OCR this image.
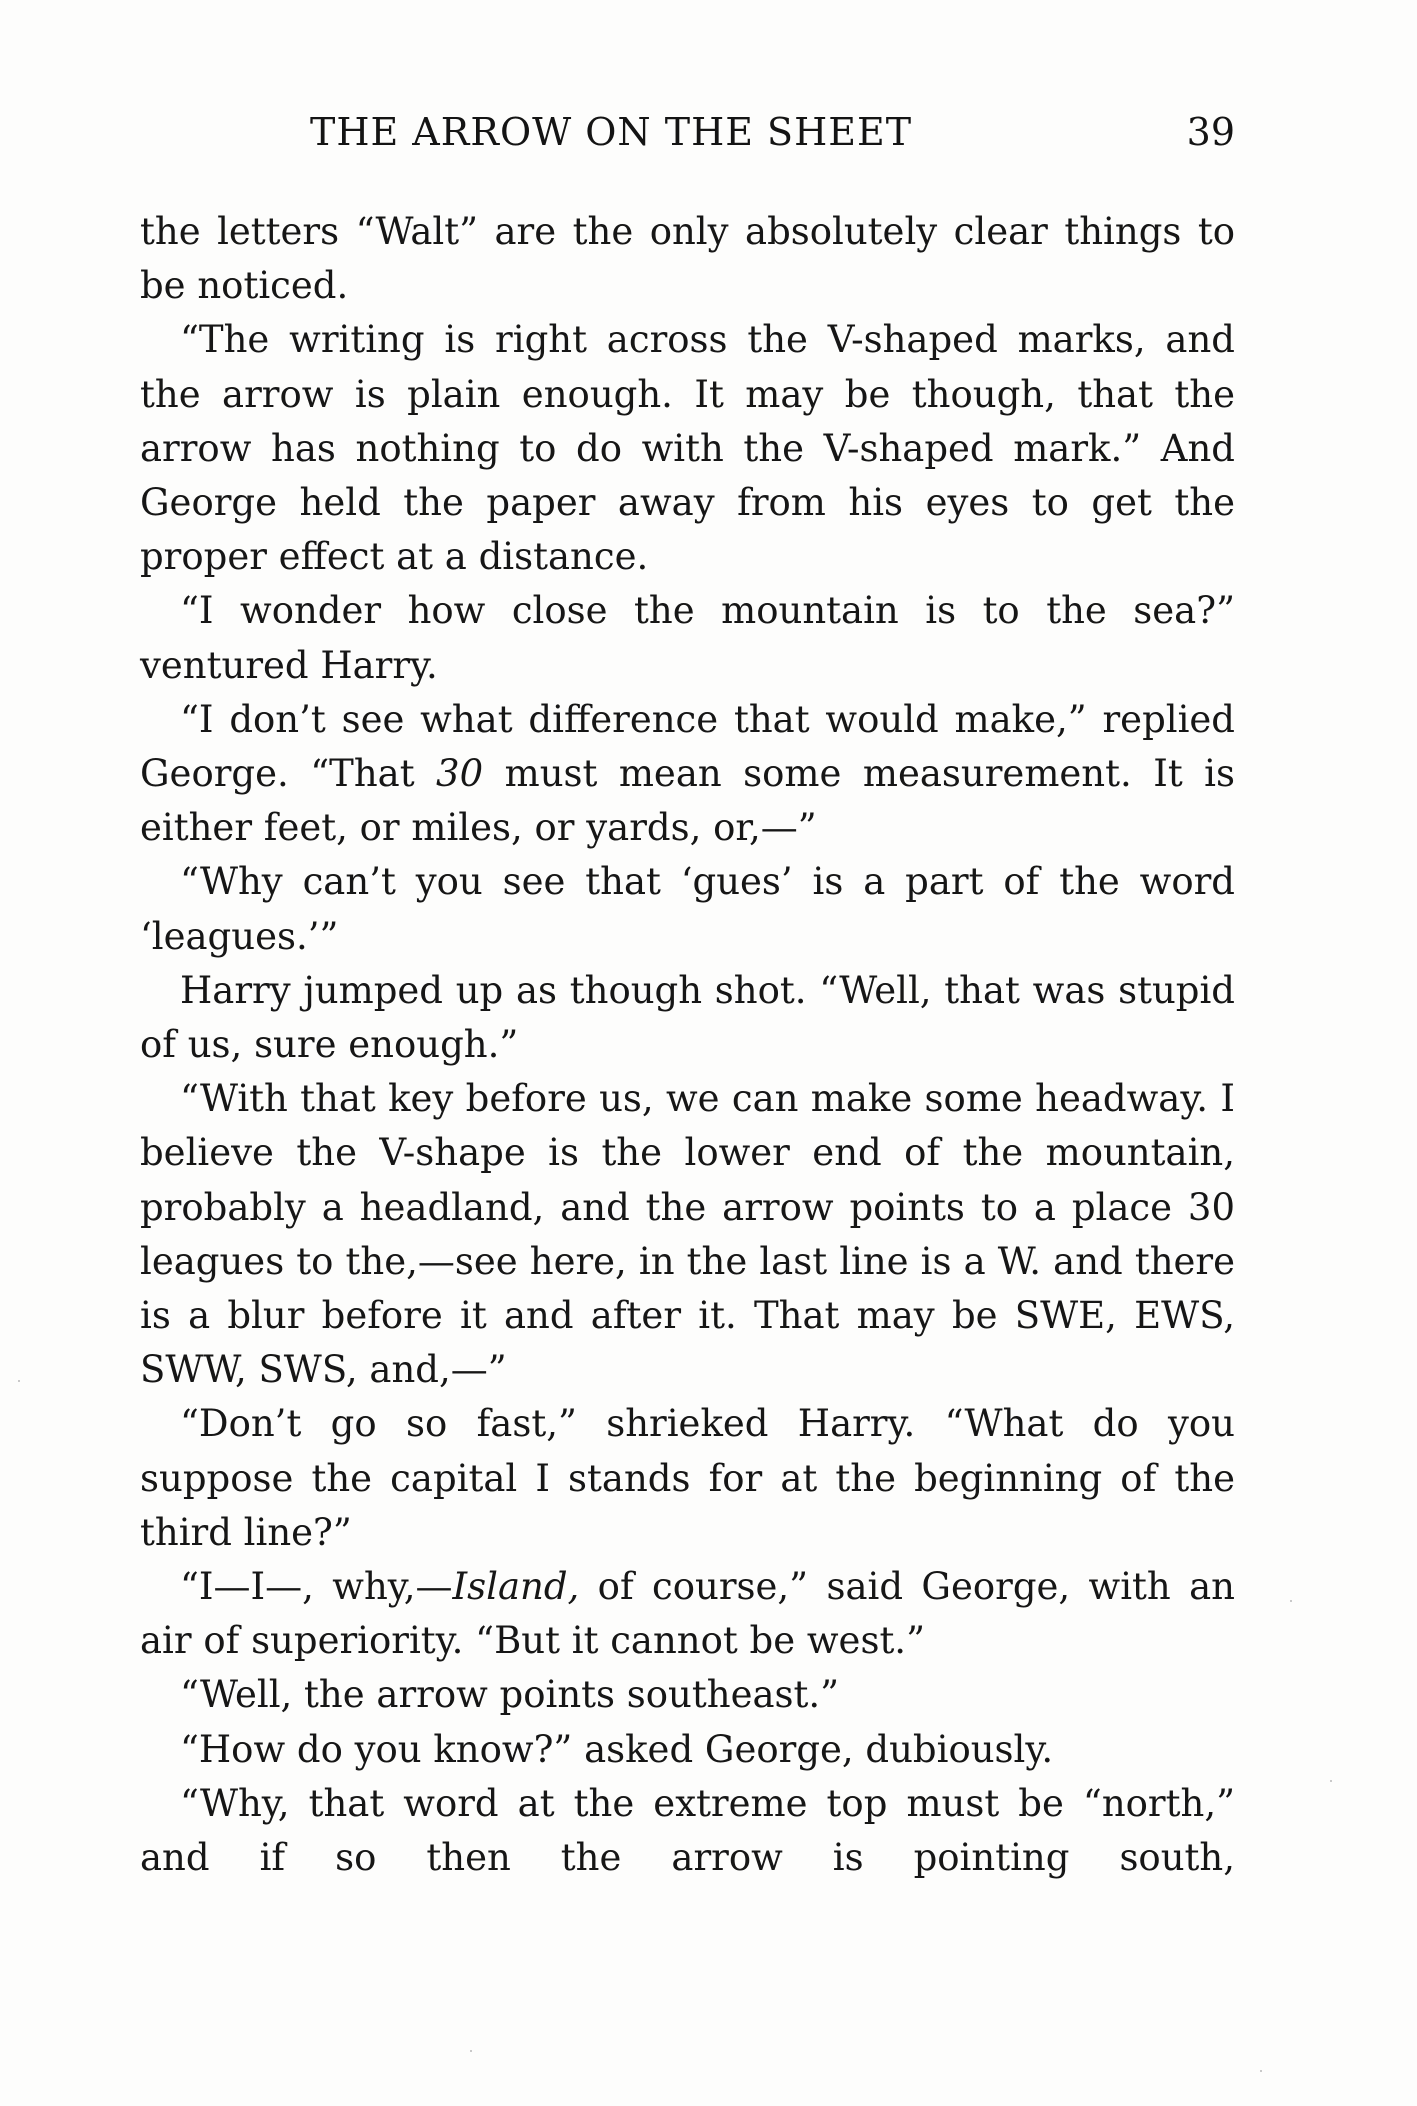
THE ARROW ON THE SHEET	39

the letters “Walt” are the only absolutely clear things to be noticed.

“The writing is right across the V-shaped marks, and the arrow is plain enough. It may be though, that the arrow has nothing to do with the V-shaped mark.” And George held the paper away from his eyes to get the proper effect at a distance.

“I wonder how close the mountain is to the sea?” ventured Harry.

“I don’t see what difference that would make,” replied George. “That 30 must mean some measurement. It is either feet, or miles, or yards, or,—”

“Why can’t you see that ‘gues’ is a part of the word ‘leagues.’”

Harry jumped up as though shot. “Well, that was stupid of us, sure enough.”

“With that key before us, we can make some headway. I believe the V-shape is the lower end of the mountain, probably a headland, and the arrow points to a place 30 leagues to the,—see here, in the last line is a W. and there is a blur before it and after it. That may be SWE, EWS, SWW, SWS, and,—”

“Don’t go so fast,” shrieked Harry. “What do you suppose the capital I stands for at the beginning of the third line?”

“I—I—, why,—Island, of course,” said George, with an air of superiority. “But it cannot be west.”

“Well, the arrow points southeast.”

“How do you know?” asked George, dubiously.

“Why, that word at the extreme top must be “north,” and if so then the arrow is pointing south,
